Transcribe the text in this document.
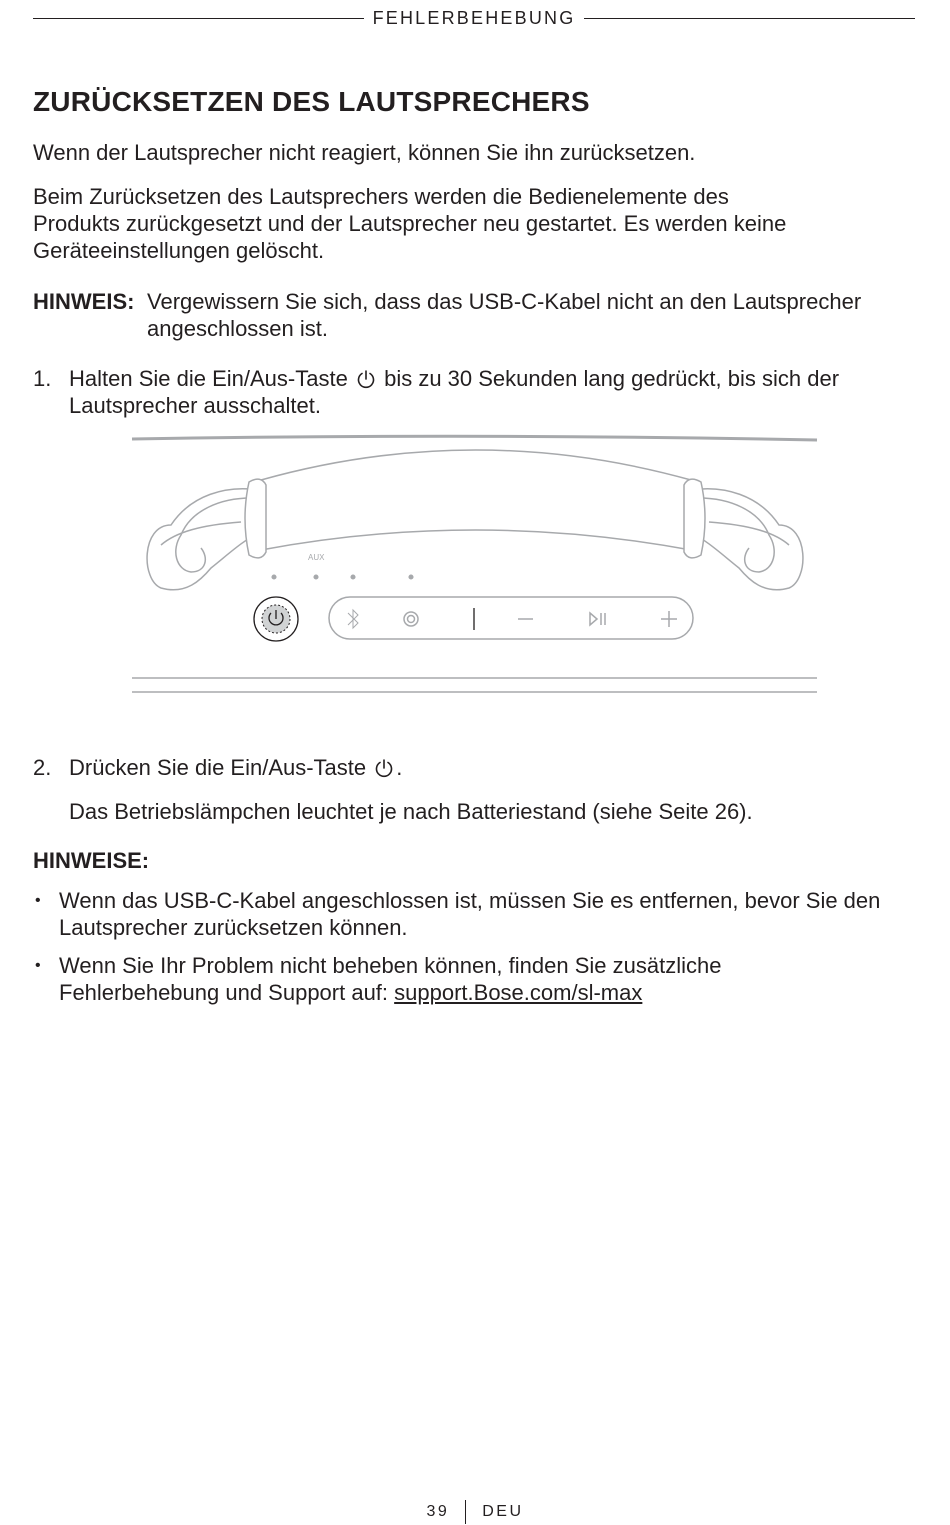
FEHLERBEHEBUNG
ZURÜCKSETZEN DES LAUTSPRECHERS

Wenn der Lautsprecher nicht reagiert, können Sie ihn zurücksetzen.

Beim Zurücksetzen des Lautsprechers werden die Bedienelemente des
Produkts zurückgesetzt und der Lautsprecher neu gestartet. Es werden keine
Geräteeinstellungen gelöscht.
HINWEIS: Vergewissern Sie sich, dass das USB-C-Kabel nicht an den Lautsprecher
angeschlossen ist.
1. Halten Sie die Ein/Aus-Taste bis zu 30 Sekunden lang gedrückt, bis sich der
Lautsprecher ausschaltet.
AUX
2. Drücken Sie die Ein/Aus-Taste .
Das Betriebslämpchen leuchtet je nach Batteriestand (siehe Seite 26).
HINWEISE:
• Wenn das USB-C-Kabel angeschlossen ist, müssen Sie es entfernen, bevor Sie den
Lautsprecher zurücksetzen können.
• Wenn Sie Ihr Problem nicht beheben können, finden Sie zusätzliche
Fehlerbehebung und Support auf: support.Bose.com/sl-max
39 DEU
